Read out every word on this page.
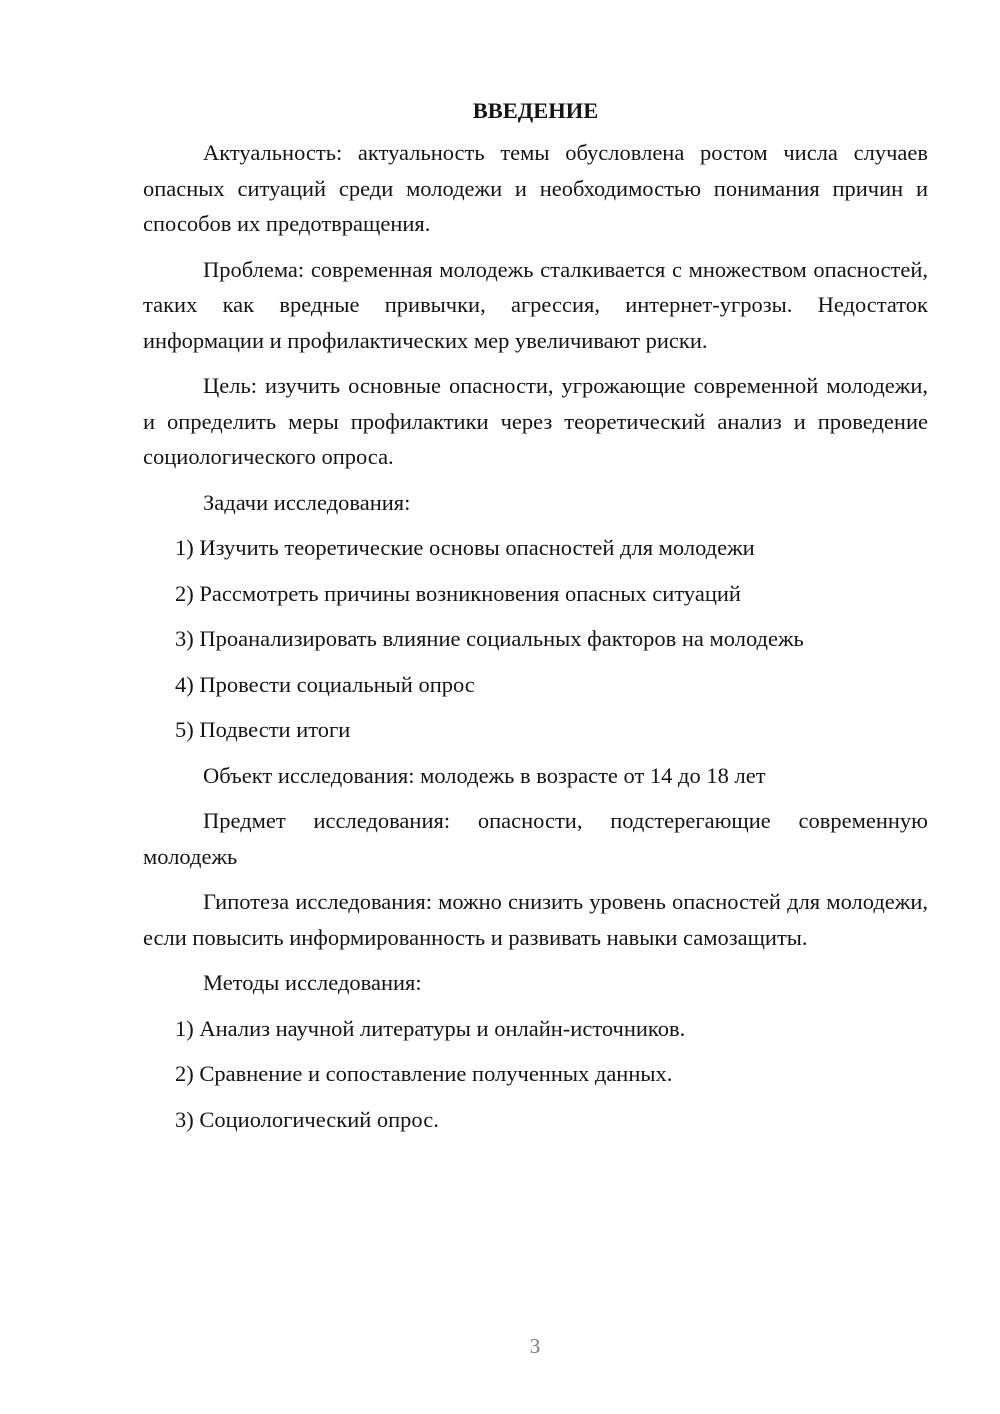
ВВЕДЕНИЕ

Актуальность: актуальность темы обусловлена ростом числа случаев опасных ситуаций среди молодежи и необходимостью понимания причин и способов их предотвращения.

Проблема: современная молодежь сталкивается с множеством опасностей, таких как вредные привычки, агрессия, интернет-угрозы. Недостаток информации и профилактических мер увеличивают риски.

Цель: изучить основные опасности, угрожающие современной молодежи, и определить меры профилактики через теоретический анализ и проведение социологического опроса.

Задачи исследования:

1) Изучить теоретические основы опасностей для молодежи

2) Рассмотреть причины возникновения опасных ситуаций

3) Проанализировать влияние социальных факторов на молодежь

4) Провести социальный опрос

5) Подвести итоги

Объект исследования: молодежь в возрасте от 14 до 18 лет

Предмет исследования: опасности, подстерегающие современную молодежь

Гипотеза исследования: можно снизить уровень опасностей для молодежи, если повысить информированность и развивать навыки самозащиты.

Методы исследования:

1) Анализ научной литературы и онлайн-источников.

2) Сравнение и сопоставление полученных данных.

3) Социологический опрос.

3
